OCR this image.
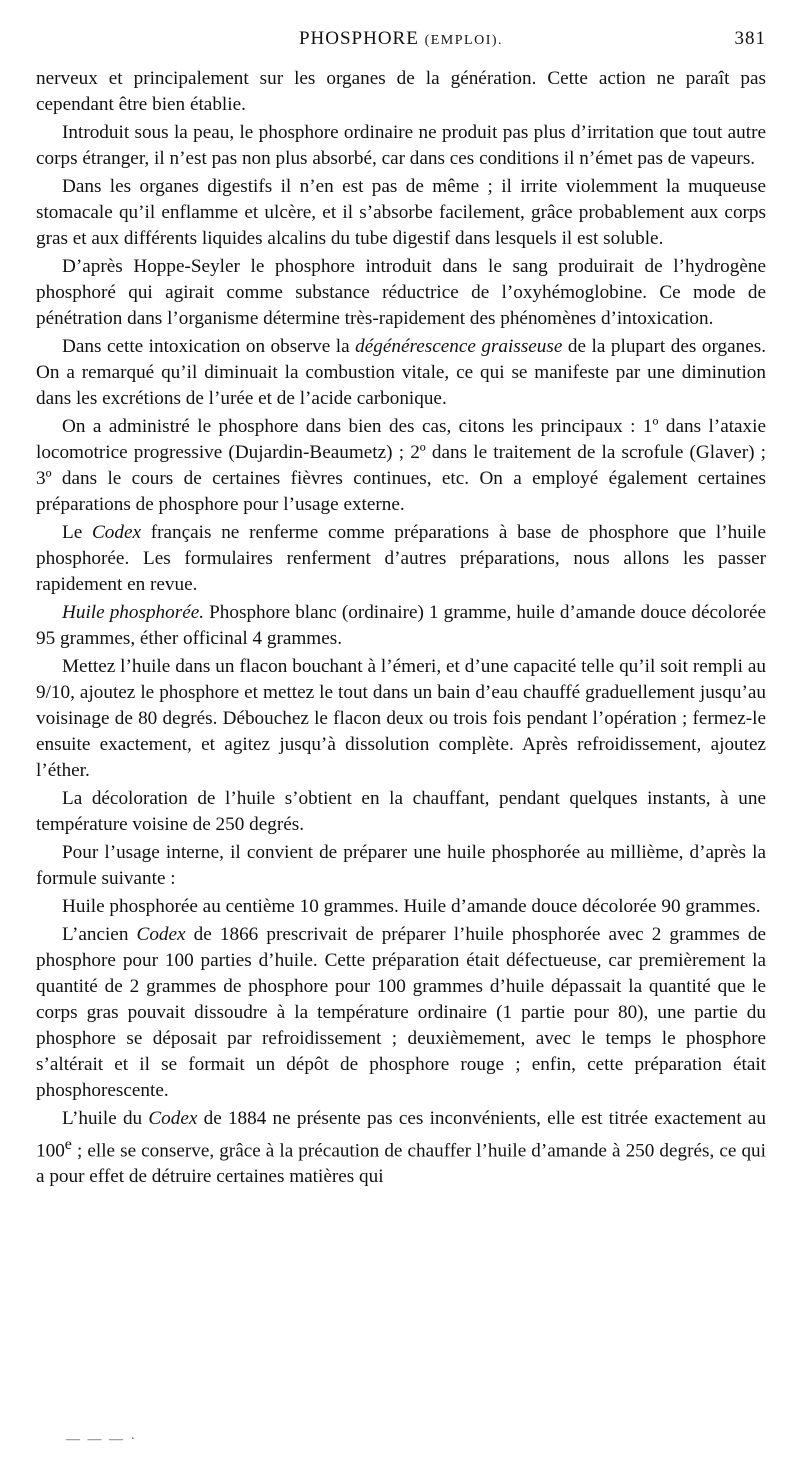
PHOSPHORE (EMPLOI).	381

nerveux et principalement sur les organes de la génération. Cette action ne paraît pas cependant être bien établie.

Introduit sous la peau, le phosphore ordinaire ne produit pas plus d’irritation que tout autre corps étranger, il n’est pas non plus absorbé, car dans ces conditions il n’émet pas de vapeurs.

Dans les organes digestifs il n’en est pas de même ; il irrite violemment la muqueuse stomacale qu’il enflamme et ulcère, et il s’absorbe facilement, grâce probablement aux corps gras et aux différents liquides alcalins du tube digestif dans lesquels il est soluble.

D’après Hoppe-Seyler le phosphore introduit dans le sang produirait de l’hydrogène phosphoré qui agirait comme substance réductrice de l’oxyhémoglobine. Ce mode de pénétration dans l’organisme détermine très-rapidement des phénomènes d’intoxication.

Dans cette intoxication on observe la dégénérescence graisseuse de la plupart des organes. On a remarqué qu’il diminuait la combustion vitale, ce qui se manifeste par une diminution dans les excrétions de l’urée et de l’acide carbonique.

On a administré le phosphore dans bien des cas, citons les principaux : 1º dans l’ataxie locomotrice progressive (Dujardin-Beaumetz) ; 2º dans le traitement de la scrofule (Glaver) ; 3º dans le cours de certaines fièvres continues, etc. On a employé également certaines préparations de phosphore pour l’usage externe.

Le Codex français ne renferme comme préparations à base de phosphore que l’huile phosphorée. Les formulaires renferment d’autres préparations, nous allons les passer rapidement en revue.

Huile phosphorée. Phosphore blanc (ordinaire) 1 gramme, huile d’amande douce décolorée 95 grammes, éther officinal 4 grammes.

Mettez l’huile dans un flacon bouchant à l’émeri, et d’une capacité telle qu’il soit rempli au 9/10, ajoutez le phosphore et mettez le tout dans un bain d’eau chauffé graduellement jusqu’au voisinage de 80 degrés. Débouchez le flacon deux ou trois fois pendant l’opération ; fermez-le ensuite exactement, et agitez jusqu’à dissolution complète. Après refroidissement, ajoutez l’éther.

La décoloration de l’huile s’obtient en la chauffant, pendant quelques instants, à une température voisine de 250 degrés.

Pour l’usage interne, il convient de préparer une huile phosphorée au millième, d’après la formule suivante :

Huile phosphorée au centième 10 grammes. Huile d’amande douce décolorée 90 grammes.

L’ancien Codex de 1866 prescrivait de préparer l’huile phosphorée avec 2 grammes de phosphore pour 100 parties d’huile. Cette préparation était défectueuse, car premièrement la quantité de 2 grammes de phosphore pour 100 grammes d’huile dépassait la quantité que le corps gras pouvait dissoudre à la température ordinaire (1 partie pour 80), une partie du phosphore se déposait par refroidissement ; deuxièmement, avec le temps le phosphore s’altérait et il se formait un dépôt de phosphore rouge ; enfin, cette préparation était phosphorescente.

L’huile du Codex de 1884 ne présente pas ces inconvénients, elle est titrée exactement au 100e ; elle se conserve, grâce à la précaution de chauffer l’huile d’amande à 250 degrés, ce qui a pour effet de détruire certaines matières qui

— — — ·
